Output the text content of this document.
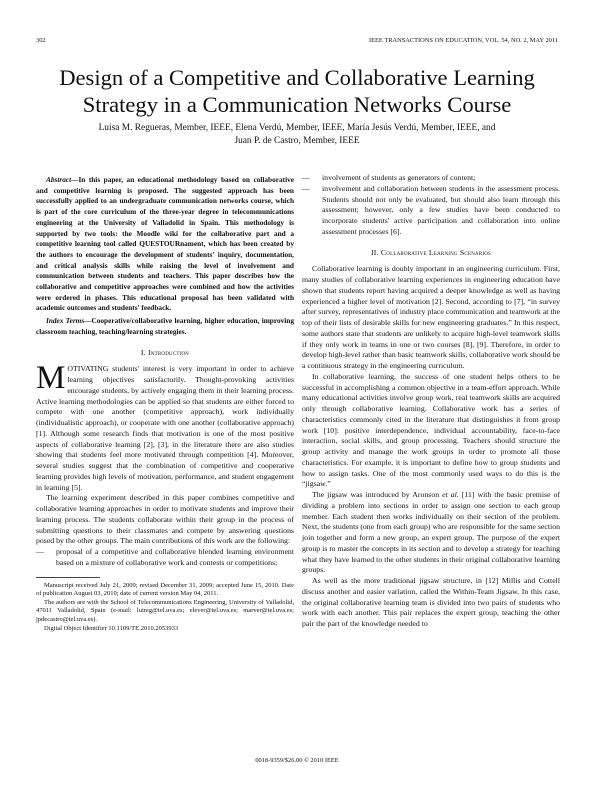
302	IEEE TRANSACTIONS ON EDUCATION, VOL. 54, NO. 2, MAY 2011
Design of a Competitive and Collaborative Learning Strategy in a Communication Networks Course
Luisa M. Regueras, Member, IEEE, Elena Verdú, Member, IEEE, María Jesús Verdú, Member, IEEE, and
Juan P. de Castro, Member, IEEE

Abstract—In this paper, an educational methodology based on collaborative and competitive learning is proposed. The suggested approach has been successfully applied to an undergraduate communication networks course, which is part of the core curriculum of the three-year degree in telecommunications engineering at the University of Valladolid in Spain. This methodology is supported by two tools: the Moodle wiki for the collaborative part and a competitive learning tool called QUESTOURnament, which has been created by the authors to encourage the development of students' inquiry, documentation, and critical analysis skills while raising the level of involvement and communication between students and teachers. This paper describes how the collaborative and competitive approaches were combined and how the activities were ordered in phases. This educational proposal has been validated with academic outcomes and students' feedback.

Index Terms—Cooperative/collaborative learning, higher education, improving classroom teaching, teaching/learning strategies.

I. Introduction

MOTIVATING students' interest is very important in order to achieve learning objectives satisfactorily. Thought-provoking activities encourage students, by actively engaging them in their learning process. Active learning methodologies can be applied so that students are either forced to compete with one another (competitive approach), work individually (individualistic approach), or cooperate with one another (collaborative approach) [1]. Although some research finds that motivation is one of the most positive aspects of collaborative learning [2], [3], in the literature there are also studies showing that students feel more motivated through competition [4]. Moreover, several studies suggest that the combination of competitive and cooperative learning provides high levels of motivation, performance, and student engagement in learning [5].

The learning experiment described in this paper combines competitive and collaborative learning approaches in order to motivate students and improve their learning process. The students collaborate within their group in the process of submitting questions to their classmates and compete by answering questions posed by the other groups. The main contributions of this work are the following:

— proposal of a competitive and collaborative blended learning environment based on a mixture of collaborative work and contests or competitions;

Manuscript received July 21, 2009; revised December 31, 2009; accepted June 15, 2010. Date of publication August 03, 2010; date of current version May 04, 2011.

The authors are with the School of Telecommunications Engineering, University of Valladolid, 47011 Valladolid, Spain (e-mail: luireg@tel.uva.es; elever@tel.uva.es; marver@tel.uva.es; jpdecastro@tel.uva.es).

Digital Object Identifier 10.1109/TE.2010.2053933

— involvement of students as generators of content;
— involvement and collaboration between students in the assessment process. Students should not only be evaluated, but should also learn through this assessment; however, only a few studies have been conducted to incorporate students' active participation and collaboration into online assessment processes [6].
II. Collaborative Learning Scenarios

Collaborative learning is doubly important in an engineering curriculum. First, many studies of collaborative learning experiences in engineering education have shown that students report having acquired a deeper knowledge as well as having experienced a higher level of motivation [2]. Second, according to [7], “in survey after survey, representatives of industry place communication and teamwork at the top of their lists of desirable skills for new engineering graduates.” In this respect, some authors state that students are unlikely to acquire high-level teamwork skills if they only work in teams in one or two courses [8], [9]. Therefore, in order to develop high-level rather than basic teamwork skills, collaborative work should be a continuous strategy in the engineering curriculum.

In collaborative learning, the success of one student helps others to be successful in accomplishing a common objective in a team-effort approach. While many educational activities involve group work, real teamwork skills are acquired only through collaborative learning. Collaborative work has a series of characteristics commonly cited in the literature that distinguishes it from group work [10]: positive interdependence, individual accountability, face-to-face interaction, social skills, and group processing. Teachers should structure the group activity and manage the work groups in order to promote all those characteristics. For example, it is important to define how to group students and how to assign tasks. One of the most commonly used ways to do this is the “jigsaw.”

The jigsaw was introduced by Aronson et al. [11] with the basic premise of dividing a problem into sections in order to assign one section to each group member. Each student then works individually on their section of the problem. Next, the students (one from each group) who are responsible for the same section join together and form a new group, an expert group. The purpose of the expert group is to master the concepts in its section and to develop a strategy for teaching what they have learned to the other students in their original collaborative learning groups.

As well as the more traditional jigsaw structure, in [12] Millis and Cottell discuss another and easier variation, called the Within-Team Jigsaw. In this case, the original collaborative learning team is divided into two pairs of students who work with each another. This pair replaces the expert group, teaching the other pair the part of the knowledge needed to

0018-9359/$26.00 © 2010 IEEE
